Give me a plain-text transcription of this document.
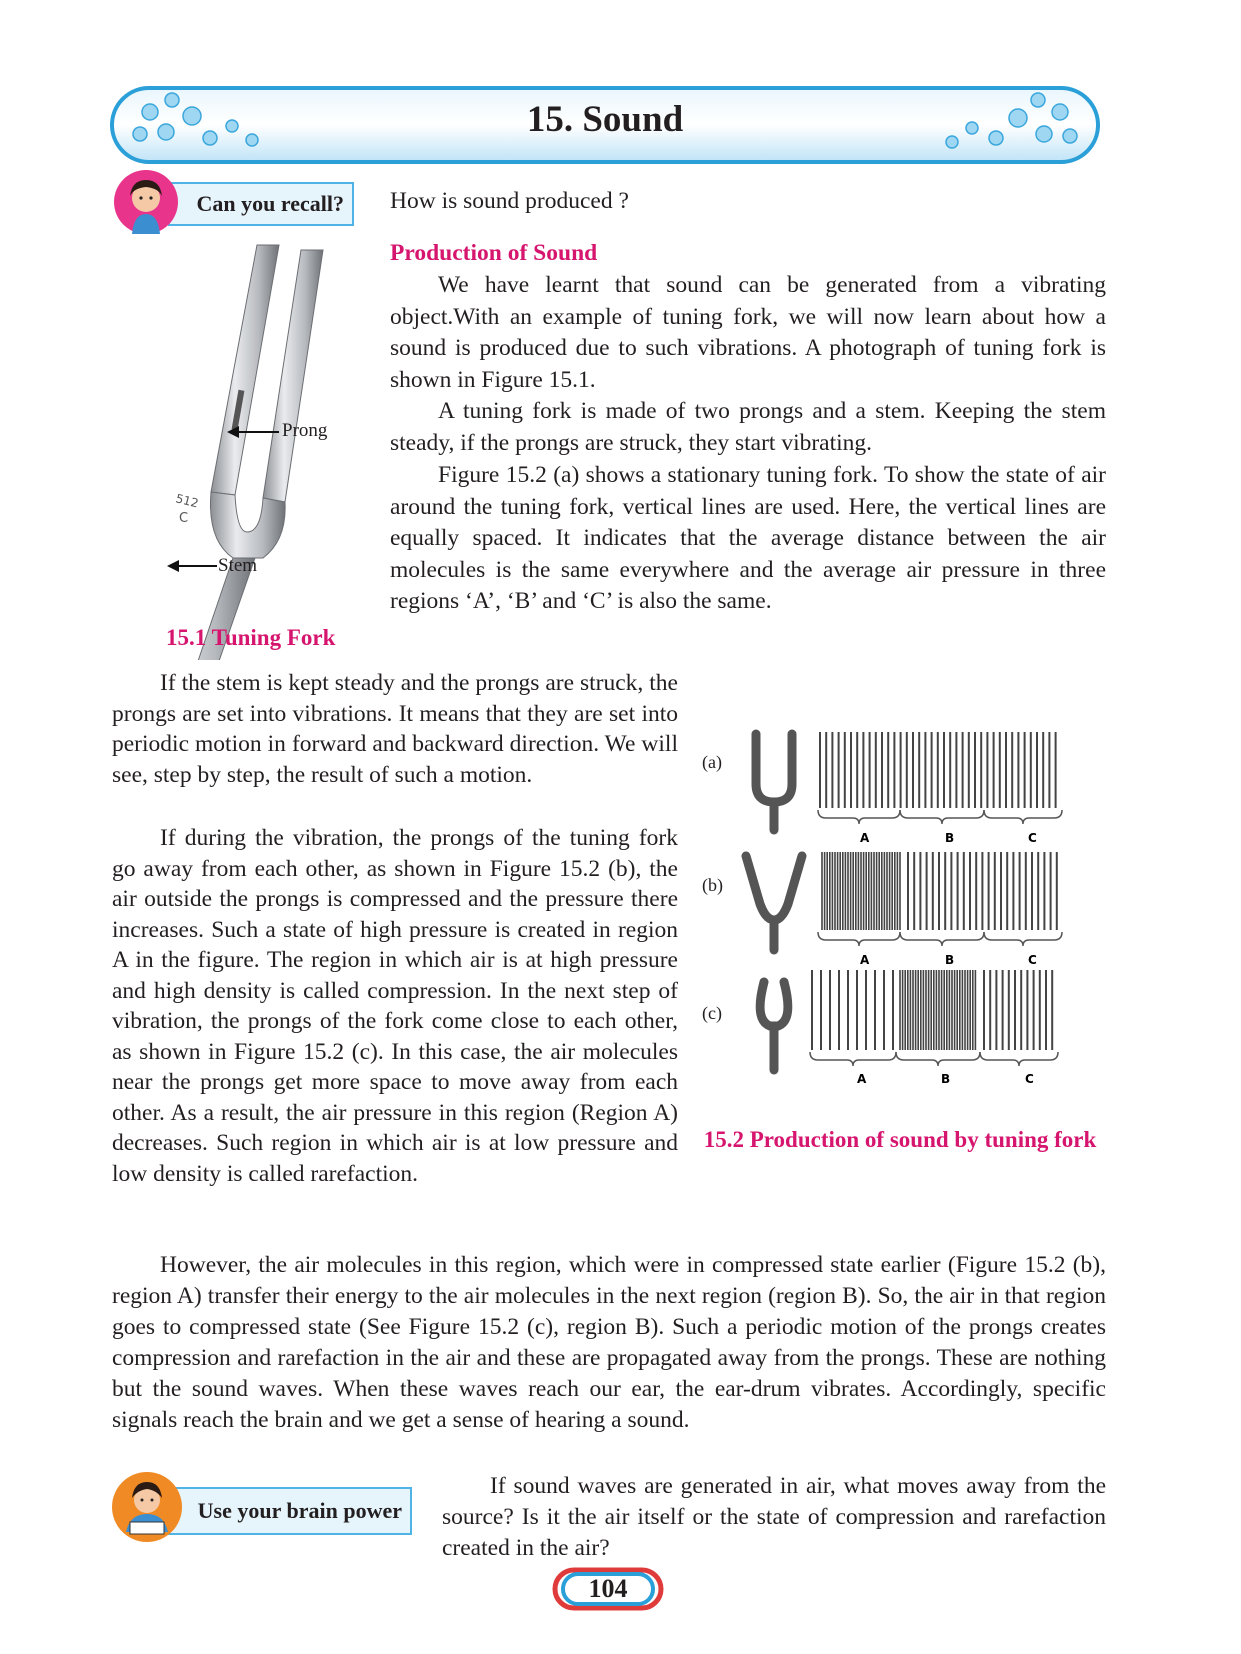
15. Sound
Can you recall? How is sound produced ?
Production of Sound
512
C
Prong
Stem
15.1 Tuning Fork

We have learnt that sound can be generated from a vibrating object.With an example of tuning fork, we will now learn about how a sound is produced due to such vibrations. A photograph of tuning fork is shown in Figure 15.1.

A tuning fork is made of two prongs and a stem. Keeping the stem steady, if the prongs are struck, they start vibrating.

Figure 15.2 (a) shows a stationary tuning fork. To show the state of air around the tuning fork, vertical lines are used. Here, the vertical lines are equally spaced. It indicates that the average distance between the air molecules is the same everywhere and the average air pressure in three regions ‘A’, ‘B’ and ‘C’ is also the same.

If the stem is kept steady and the prongs are struck, the prongs are set into vibrations. It means that they are set into periodic motion in forward and backward direction. We will see, step by step, the result of such a motion.

If during the vibration, the prongs of the tuning fork go away from each other, as shown in Figure 15.2 (b), the air outside the prongs is compressed and the pressure there increases. Such a state of high pressure is created in region A in the figure. The region in which air is at high pressure and high density is called compression. In the next step of vibration, the prongs of the fork come close to each other, as shown in Figure 15.2 (c). In this case, the air molecules near the prongs get more space to move away from each other. As a result, the air pressure in this region (Region A) decreases. Such region in which air is at low pressure and low density is called rarefaction.

A	B	C
A	B	C
A	B	C
(a)
(b)
(c)
15.2 Production of sound by tuning fork

However, the air molecules in this region, which were in compressed state earlier (Figure 15.2 (b), region A) transfer their energy to the air molecules in the next region (region B). So, the air in that region goes to compressed state (See Figure 15.2 (c), region B). Such a periodic motion of the prongs creates compression and rarefaction in the air and these are propagated away from the prongs. These are nothing but the sound waves. When these waves reach our ear, the ear-drum vibrates. Accordingly, specific signals reach the brain and we get a sense of hearing a sound.

Use your brain power

If sound waves are generated in air, what moves away from the source? Is it the air itself or the state of compression and rarefaction created in the air?

104
